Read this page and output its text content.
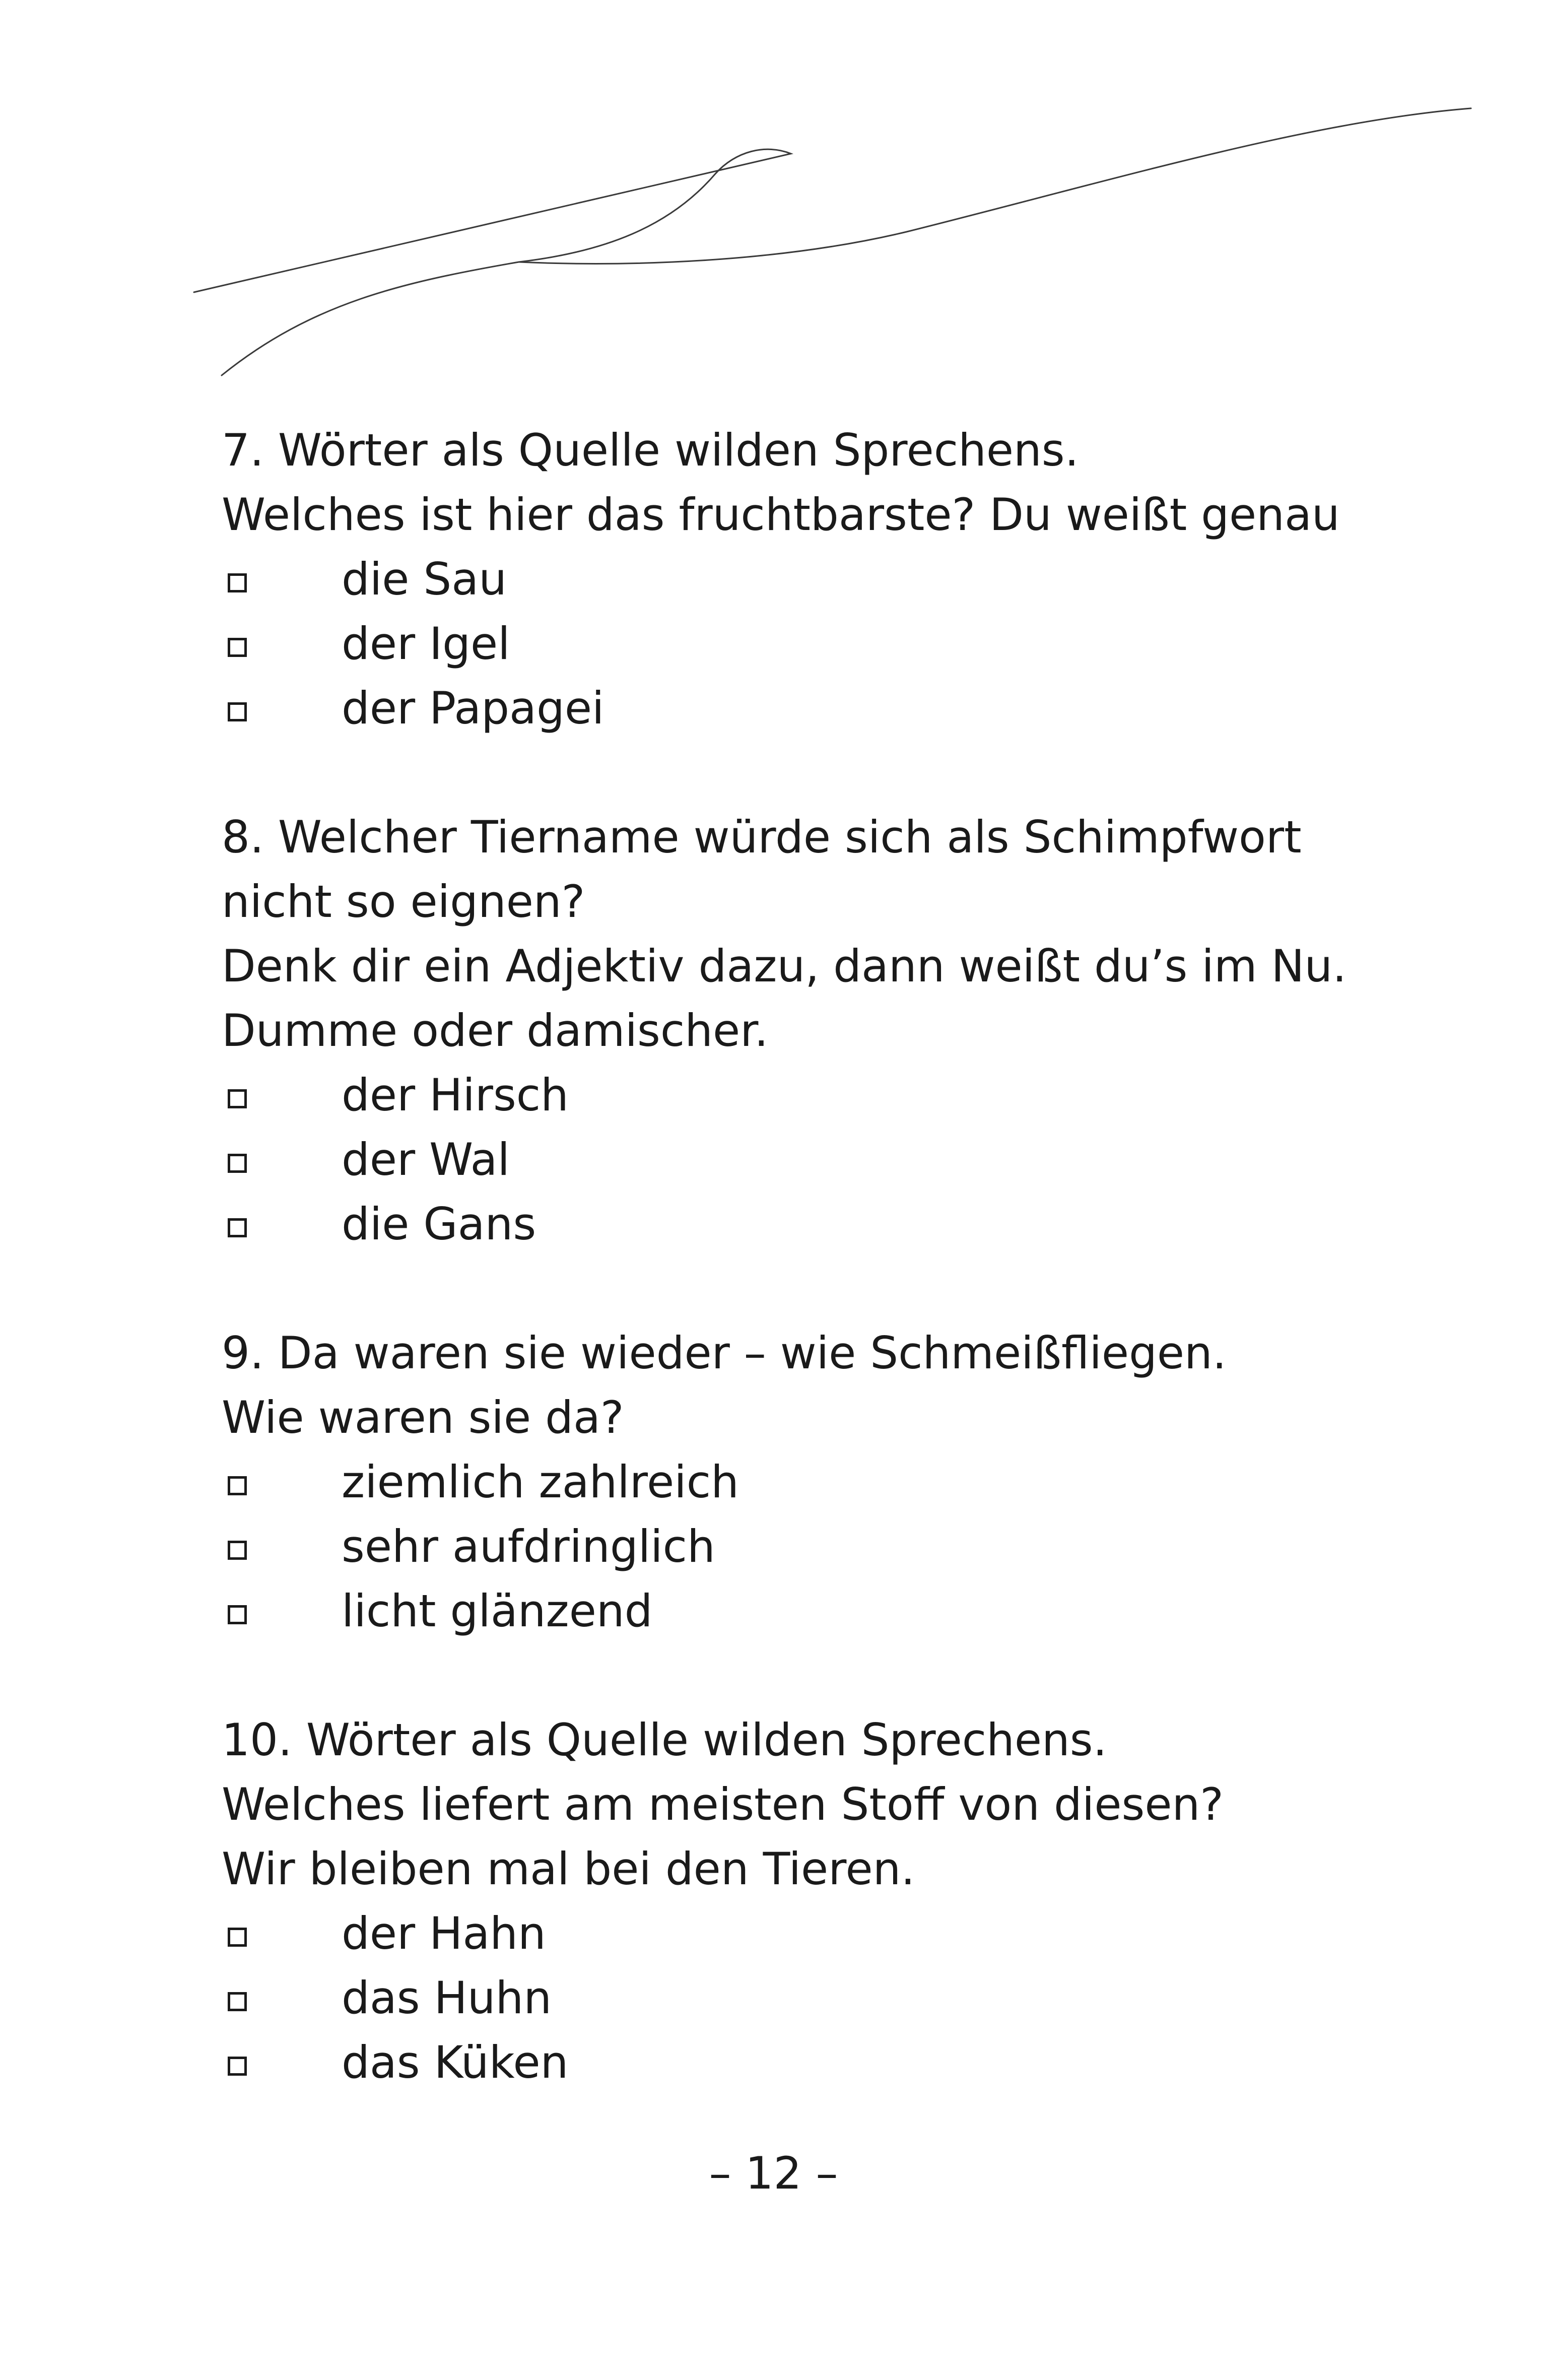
7. Wörter als Quelle wilden Sprechens.

Welches ist hier das fruchtbarste? Du weißt genau

die Sau
der Igel
der Papagei

8. Welcher Tiername würde sich als Schimpfwort

nicht so eignen?

Denk dir ein Adjektiv dazu, dann weißt du’s im Nu.

Dumme oder damischer.

der Hirsch
der Wal
die Gans

9. Da waren sie wieder – wie Schmeißfliegen.

Wie waren sie da?

ziemlich zahlreich
sehr aufdringlich
licht glänzend

10. Wörter als Quelle wilden Sprechens.

Welches liefert am meisten Stoff von diesen?

Wir bleiben mal bei den Tieren.

der Hahn
das Huhn
das Küken
– 12 –
